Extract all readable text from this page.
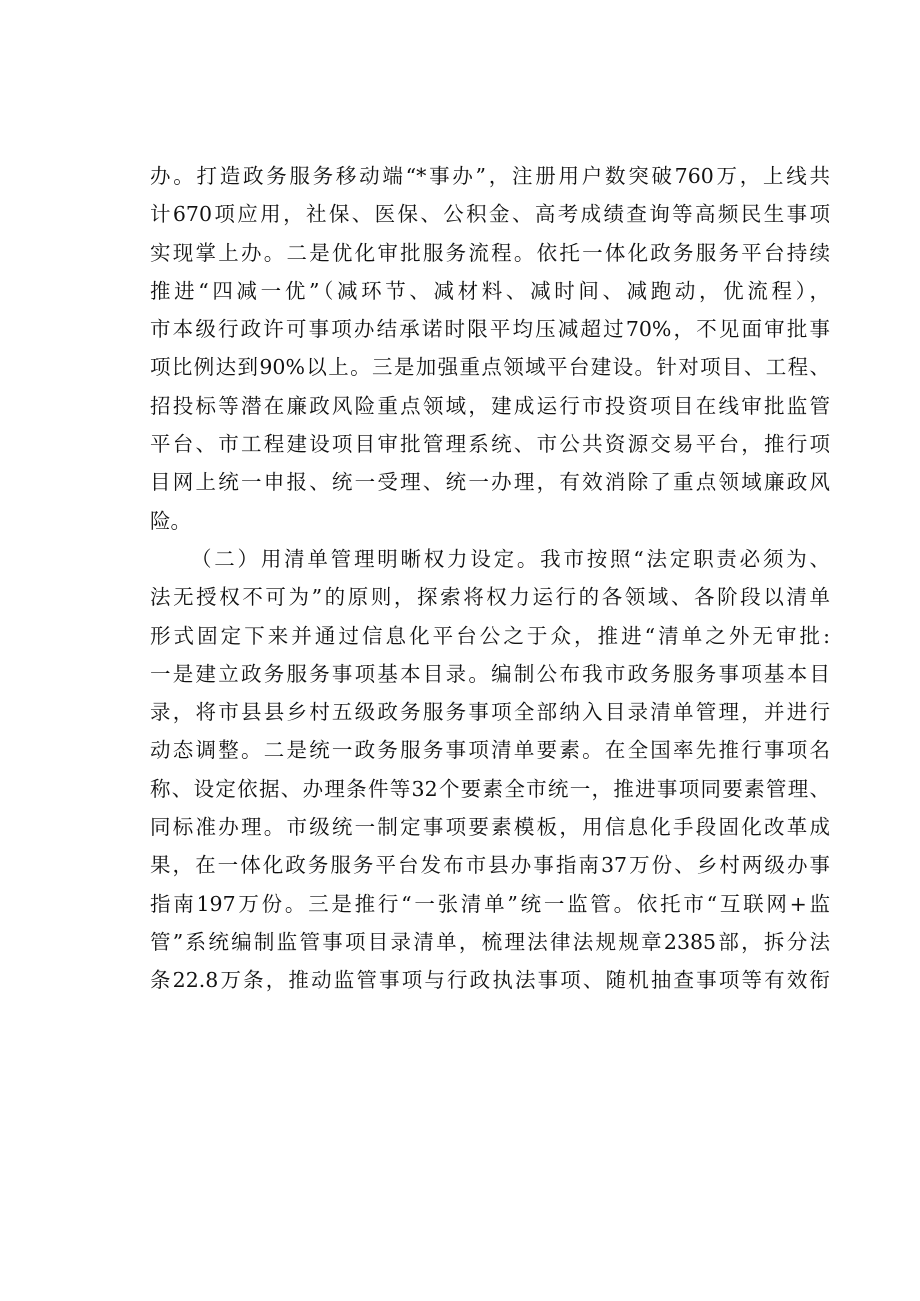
办。打造政务服务移动端“*事办”，注册用户数突破760万，上线共
计670项应用，社保、医保、公积金、高考成绩查询等高频民生事项
实现掌上办。二是优化审批服务流程。依托一体化政务服务平台持续
推进“四减一优”（减环节、减材料、减时间、减跑动，优流程），
市本级行政许可事项办结承诺时限平均压减超过70%，不见面审批事
项比例达到90%以上。三是加强重点领域平台建设。针对项目、工程、
招投标等潜在廉政风险重点领域，建成运行市投资项目在线审批监管
平台、市工程建设项目审批管理系统、市公共资源交易平台，推行项
目网上统一申报、统一受理、统一办理，有效消除了重点领域廉政风
险。
（二）用清单管理明晰权力设定。我市按照“法定职责必须为、
法无授权不可为”的原则，探索将权力运行的各领域、各阶段以清单
形式固定下来并通过信息化平台公之于众，推进“清单之外无审批:
一是建立政务服务事项基本目录。编制公布我市政务服务事项基本目
录，将市县县乡村五级政务服务事项全部纳入目录清单管理，并进行
动态调整。二是统一政务服务事项清单要素。在全国率先推行事项名
称、设定依据、办理条件等32个要素全市统一，推进事项同要素管理、
同标准办理。市级统一制定事项要素模板，用信息化手段固化改革成
果，在一体化政务服务平台发布市县办事指南37万份、乡村两级办事
指南197万份。三是推行“一张清单”统一监管。依托市“互联网+监
管”系统编制监管事项目录清单，梳理法律法规规章2385部，拆分法
条22.8万条，推动监管事项与行政执法事项、随机抽查事项等有效衔
